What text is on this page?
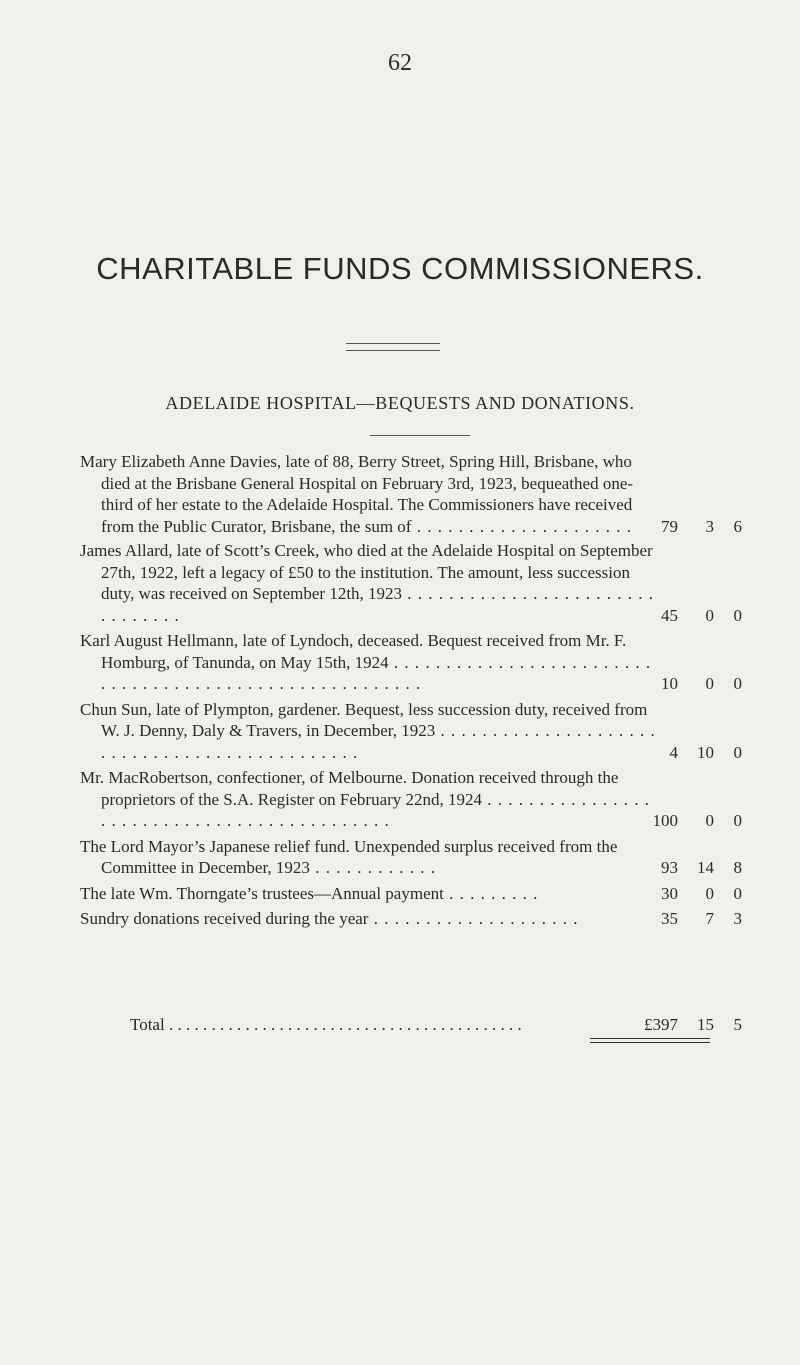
62
CHARITABLE FUNDS COMMISSIONERS.
ADELAIDE HOSPITAL—BEQUESTS AND DONATIONS.
Mary Elizabeth Anne Davies, late of 88, Berry Street, Spring Hill, Brisbane, who died at the Brisbane General Hospital on February 3rd, 1923, bequeathed one-third of her estate to the Adelaide Hospital. The Commissioners have received from the Public Curator, Brisbane, the sum of . . . . . . . . . . . . . . . . . . . . .	79	3	6
James Allard, late of Scott’s Creek, who died at the Adelaide Hospital on September 27th, 1922, left a legacy of £50 to the institution. The amount, less succession duty, was received on September 12th, 1923 . . . . . . . . . . . . . . . . . . . . . . . . . . . . . . . .	45	0	0
Karl August Hellmann, late of Lyndoch, deceased. Bequest received from Mr. F. Homburg, of Tanunda, on May 15th, 1924 . . . . . . . . . . . . . . . . . . . . . . . . . . . . . . . . . . . . . . . . . . . . . . . . . . . . . . . .	10	0	0
Chun Sun, late of Plympton, gardener. Bequest, less succession duty, received from W. J. Denny, Daly & Travers, in December, 1923 . . . . . . . . . . . . . . . . . . . . . . . . . . . . . . . . . . . . . . . . . . . . . .	4	10	0
Mr. MacRobertson, confectioner, of Melbourne. Donation received through the proprietors of the S.A. Register on February 22nd, 1924 . . . . . . . . . . . . . . . . . . . . . . . . . . . . . . . . . . . . . . . . . . . .	100	0	0
The Lord Mayor’s Japanese relief fund. Unexpended surplus received from the Committee in December, 1923 . . . . . . . . . . . .	93	14	8
The late Wm. Thorngate’s trustees—Annual payment . . . . . . . . .	30	0	0
Sundry donations received during the year . . . . . . . . . . . . . . . . . . . .	35	7	3
Total . . . . . . . . . . . . . . . . . . . . . . . . . . . . . . . . . . . . . . . . . .	£397	15	5
